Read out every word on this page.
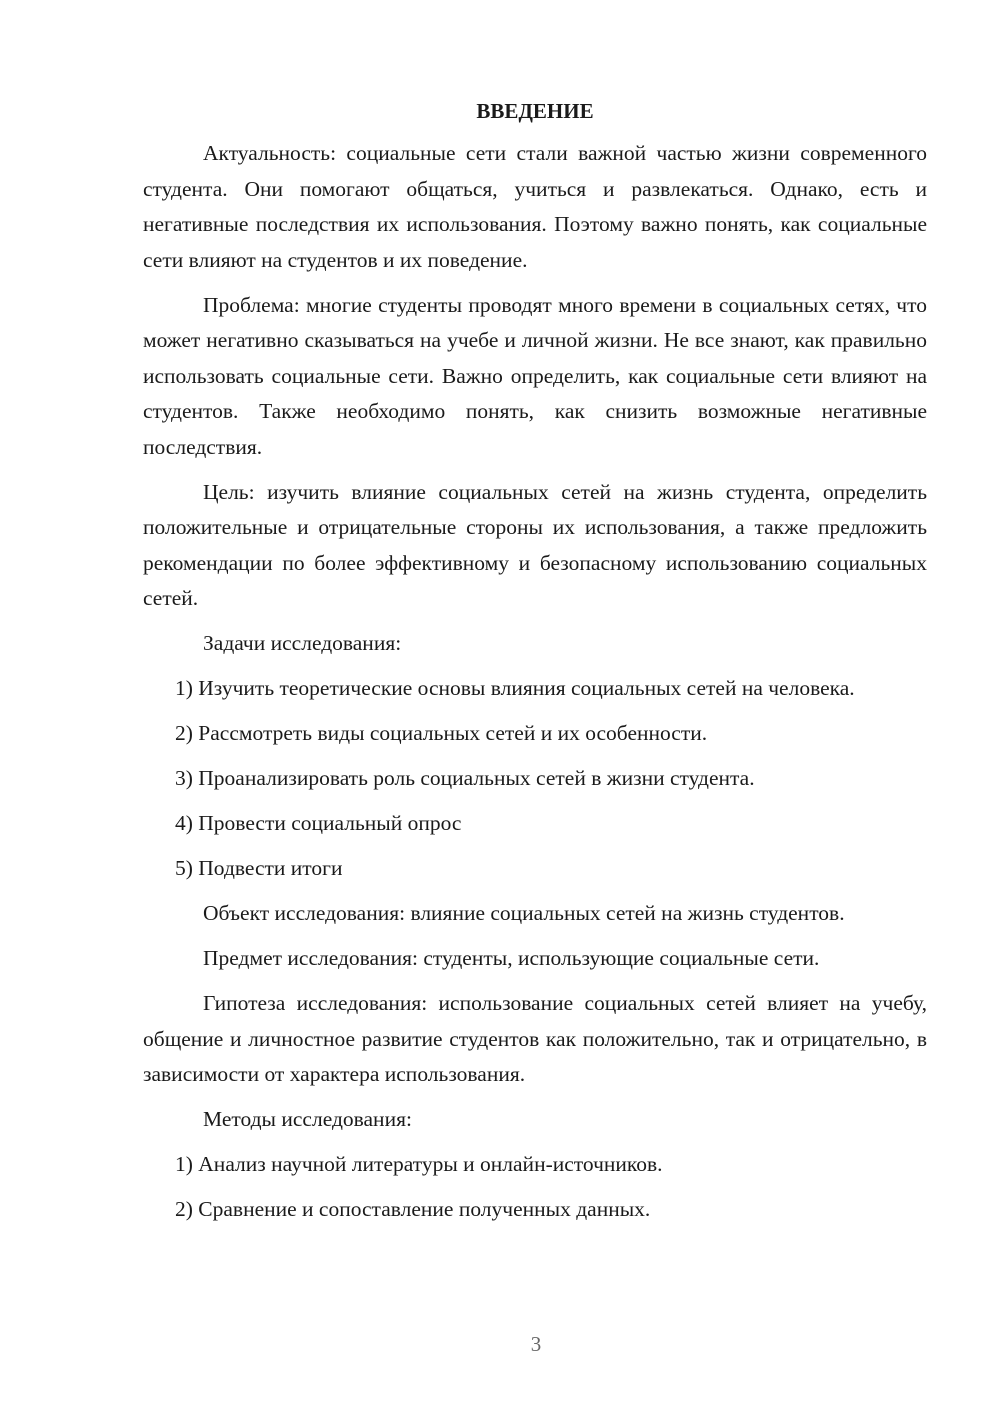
ВВЕДЕНИЕ

Актуальность: социальные сети стали важной частью жизни современного студента. Они помогают общаться, учиться и развлекаться. Однако, есть и негативные последствия их использования. Поэтому важно понять, как социальные сети влияют на студентов и их поведение.

Проблема: многие студенты проводят много времени в социальных сетях, что может негативно сказываться на учебе и личной жизни. Не все знают, как правильно использовать социальные сети. Важно определить, как социальные сети влияют на студентов. Также необходимо понять, как снизить возможные негативные последствия.

Цель: изучить влияние социальных сетей на жизнь студента, определить положительные и отрицательные стороны их использования, а также предложить рекомендации по более эффективному и безопасному использованию социальных сетей.

Задачи исследования:

1) Изучить теоретические основы влияния социальных сетей на человека.

2) Рассмотреть виды социальных сетей и их особенности.

3) Проанализировать роль социальных сетей в жизни студента.

4) Провести социальный опрос

5) Подвести итоги

Объект исследования: влияние социальных сетей на жизнь студентов.

Предмет исследования: студенты, использующие социальные сети.

Гипотеза исследования: использование социальных сетей влияет на учебу, общение и личностное развитие студентов как положительно, так и отрицательно, в зависимости от характера использования.

Методы исследования:

1) Анализ научной литературы и онлайн-источников.

2) Сравнение и сопоставление полученных данных.

3
